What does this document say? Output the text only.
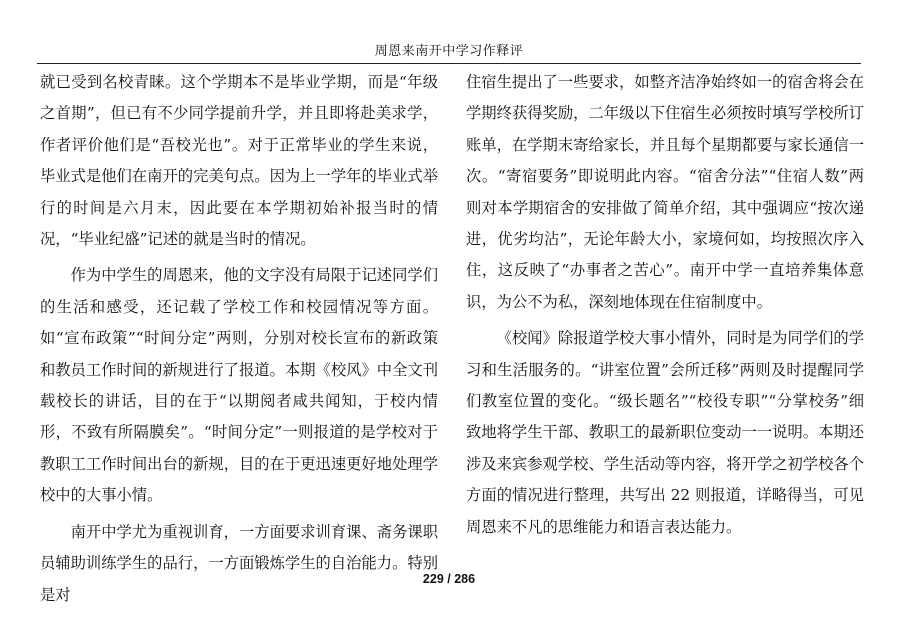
周恩来南开中学习作释评

就已受到名校青睐。这个学期本不是毕业学期，而是“年级之首期”，但已有不少同学提前升学，并且即将赴美求学，作者评价他们是“吾校光也”。对于正常毕业的学生来说，毕业式是他们在南开的完美句点。因为上一学年的毕业式举行的时间是六月末，因此要在本学期初始补报当时的情况，“毕业纪盛”记述的就是当时的情况。

作为中学生的周恩来，他的文字没有局限于记述同学们的生活和感受，还记载了学校工作和校园情况等方面。如“宣布政策”“时间分定”两则，分别对校长宣布的新政策和教员工作时间的新规进行了报道。本期《校风》中全文刊载校长的讲话，目的在于“以期阅者咸共闻知，于校内情形，不致有所隔膜矣”。“时间分定”一则报道的是学校对于教职工工作时间出台的新规，目的在于更迅速更好地处理学校中的大事小情。

南开中学尤为重视训育，一方面要求训育课、斋务课职员辅助训练学生的品行，一方面锻炼学生的自治能力。特别是对

住宿生提出了一些要求，如整齐洁净始终如一的宿舍将会在学期终获得奖励，二年级以下住宿生必须按时填写学校所订账单，在学期末寄给家长，并且每个星期都要与家长通信一次。“寄宿要务”即说明此内容。“宿舍分法”“住宿人数”两则对本学期宿舍的安排做了简单介绍，其中强调应“按次递进，优劣均沾”，无论年龄大小，家境何如，均按照次序入住，这反映了“办事者之苦心”。南开中学一直培养集体意识，为公不为私，深刻地体现在住宿制度中。

《校闻》除报道学校大事小情外，同时是为同学们的学习和生活服务的。“讲室位置”会所迁移”两则及时提醒同学们教室位置的变化。“级长题名”“校役专职”“分掌校务”细致地将学生干部、教职工的最新职位变动一一说明。本期还涉及来宾参观学校、学生活动等内容，将开学之初学校各个方面的情况进行整理，共写出 22 则报道，详略得当，可见周恩来不凡的思维能力和语言表达能力。

229 / 286
